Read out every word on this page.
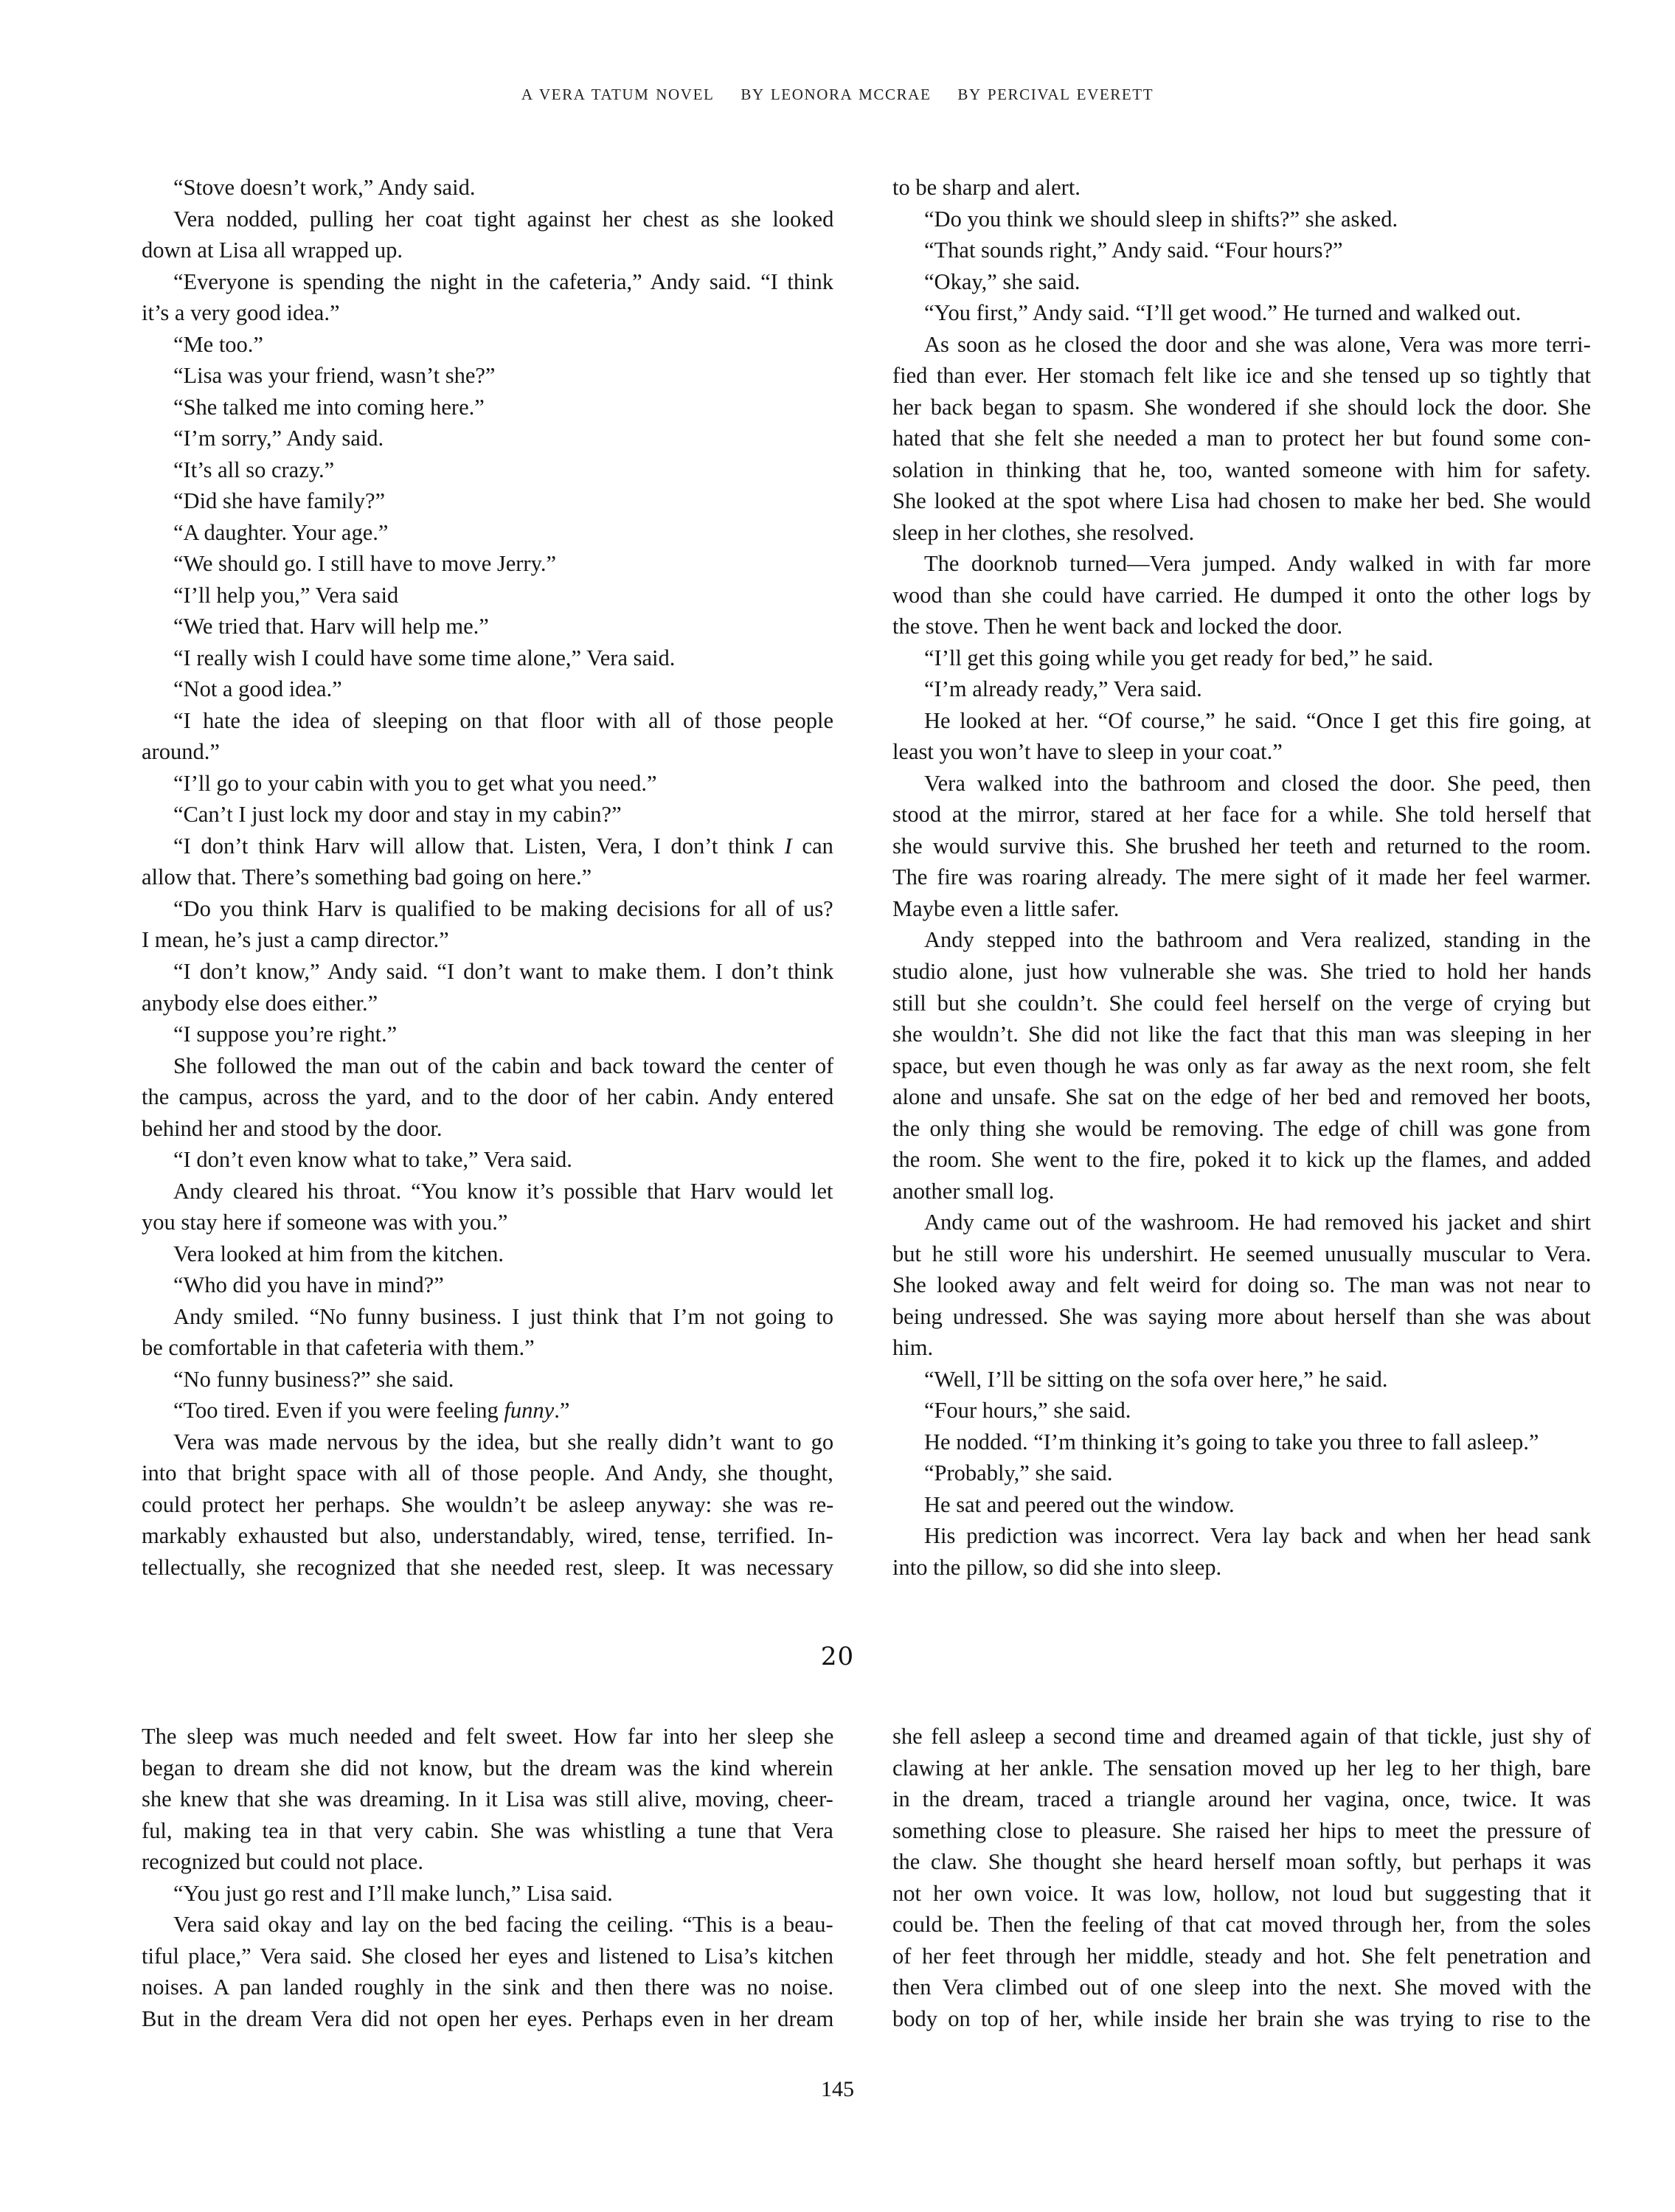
A VERA TATUM NOVEL BY LEONORA MCCRAE BY PERCIVAL EVERETT
“Stove doesn’t work,” Andy said.
Vera nodded, pulling her coat tight against her chest as she looked
down at Lisa all wrapped up.
“Everyone is spending the night in the cafeteria,” Andy said. “I think
it’s a very good idea.”
“Me too.”
“Lisa was your friend, wasn’t she?”
“She talked me into coming here.”
“I’m sorry,” Andy said.
“It’s all so crazy.”
“Did she have family?”
“A daughter. Your age.”
“We should go. I still have to move Jerry.”
“I’ll help you,” Vera said
“We tried that. Harv will help me.”
“I really wish I could have some time alone,” Vera said.
“Not a good idea.”
“I hate the idea of sleeping on that floor with all of those people
around.”
“I’ll go to your cabin with you to get what you need.”
“Can’t I just lock my door and stay in my cabin?”
“I don’t think Harv will allow that. Listen, Vera, I don’t think I can
allow that. There’s something bad going on here.”
“Do you think Harv is qualified to be making decisions for all of us?
I mean, he’s just a camp director.”
“I don’t know,” Andy said. “I don’t want to make them. I don’t think
anybody else does either.”
“I suppose you’re right.”
She followed the man out of the cabin and back toward the center of
the campus, across the yard, and to the door of her cabin. Andy entered
behind her and stood by the door.
“I don’t even know what to take,” Vera said.
Andy cleared his throat. “You know it’s possible that Harv would let
you stay here if someone was with you.”
Vera looked at him from the kitchen.
“Who did you have in mind?”
Andy smiled. “No funny business. I just think that I’m not going to
be comfortable in that cafeteria with them.”
“No funny business?” she said.
“Too tired. Even if you were feeling funny.”
Vera was made nervous by the idea, but she really didn’t want to go
into that bright space with all of those people. And Andy, she thought,
could protect her perhaps. She wouldn’t be asleep anyway: she was re-
markably exhausted but also, understandably, wired, tense, terrified. In-
tellectually, she recognized that she needed rest, sleep. It was necessary
to be sharp and alert.
“Do you think we should sleep in shifts?” she asked.
“That sounds right,” Andy said. “Four hours?”
“Okay,” she said.
“You first,” Andy said. “I’ll get wood.” He turned and walked out.
As soon as he closed the door and she was alone, Vera was more terri-
fied than ever. Her stomach felt like ice and she tensed up so tightly that
her back began to spasm. She wondered if she should lock the door. She
hated that she felt she needed a man to protect her but found some con-
solation in thinking that he, too, wanted someone with him for safety.
She looked at the spot where Lisa had chosen to make her bed. She would
sleep in her clothes, she resolved.
The doorknob turned—Vera jumped. Andy walked in with far more
wood than she could have carried. He dumped it onto the other logs by
the stove. Then he went back and locked the door.
“I’ll get this going while you get ready for bed,” he said.
“I’m already ready,” Vera said.
He looked at her. “Of course,” he said. “Once I get this fire going, at
least you won’t have to sleep in your coat.”
Vera walked into the bathroom and closed the door. She peed, then
stood at the mirror, stared at her face for a while. She told herself that
she would survive this. She brushed her teeth and returned to the room.
The fire was roaring already. The mere sight of it made her feel warmer.
Maybe even a little safer.
Andy stepped into the bathroom and Vera realized, standing in the
studio alone, just how vulnerable she was. She tried to hold her hands
still but she couldn’t. She could feel herself on the verge of crying but
she wouldn’t. She did not like the fact that this man was sleeping in her
space, but even though he was only as far away as the next room, she felt
alone and unsafe. She sat on the edge of her bed and removed her boots,
the only thing she would be removing. The edge of chill was gone from
the room. She went to the fire, poked it to kick up the flames, and added
another small log.
Andy came out of the washroom. He had removed his jacket and shirt
but he still wore his undershirt. He seemed unusually muscular to Vera.
She looked away and felt weird for doing so. The man was not near to
being undressed. She was saying more about herself than she was about
him.
“Well, I’ll be sitting on the sofa over here,” he said.
“Four hours,” she said.
He nodded. “I’m thinking it’s going to take you three to fall asleep.”
“Probably,” she said.
He sat and peered out the window.
His prediction was incorrect. Vera lay back and when her head sank
into the pillow, so did she into sleep.
20
The sleep was much needed and felt sweet. How far into her sleep she
began to dream she did not know, but the dream was the kind wherein
she knew that she was dreaming. In it Lisa was still alive, moving, cheer-
ful, making tea in that very cabin. She was whistling a tune that Vera
recognized but could not place.
“You just go rest and I’ll make lunch,” Lisa said.
Vera said okay and lay on the bed facing the ceiling. “This is a beau-
tiful place,” Vera said. She closed her eyes and listened to Lisa’s kitchen
noises. A pan landed roughly in the sink and then there was no noise.
But in the dream Vera did not open her eyes. Perhaps even in her dream
she fell asleep a second time and dreamed again of that tickle, just shy of
clawing at her ankle. The sensation moved up her leg to her thigh, bare
in the dream, traced a triangle around her vagina, once, twice. It was
something close to pleasure. She raised her hips to meet the pressure of
the claw. She thought she heard herself moan softly, but perhaps it was
not her own voice. It was low, hollow, not loud but suggesting that it
could be. Then the feeling of that cat moved through her, from the soles
of her feet through her middle, steady and hot. She felt penetration and
then Vera climbed out of one sleep into the next. She moved with the
body on top of her, while inside her brain she was trying to rise to the
145
